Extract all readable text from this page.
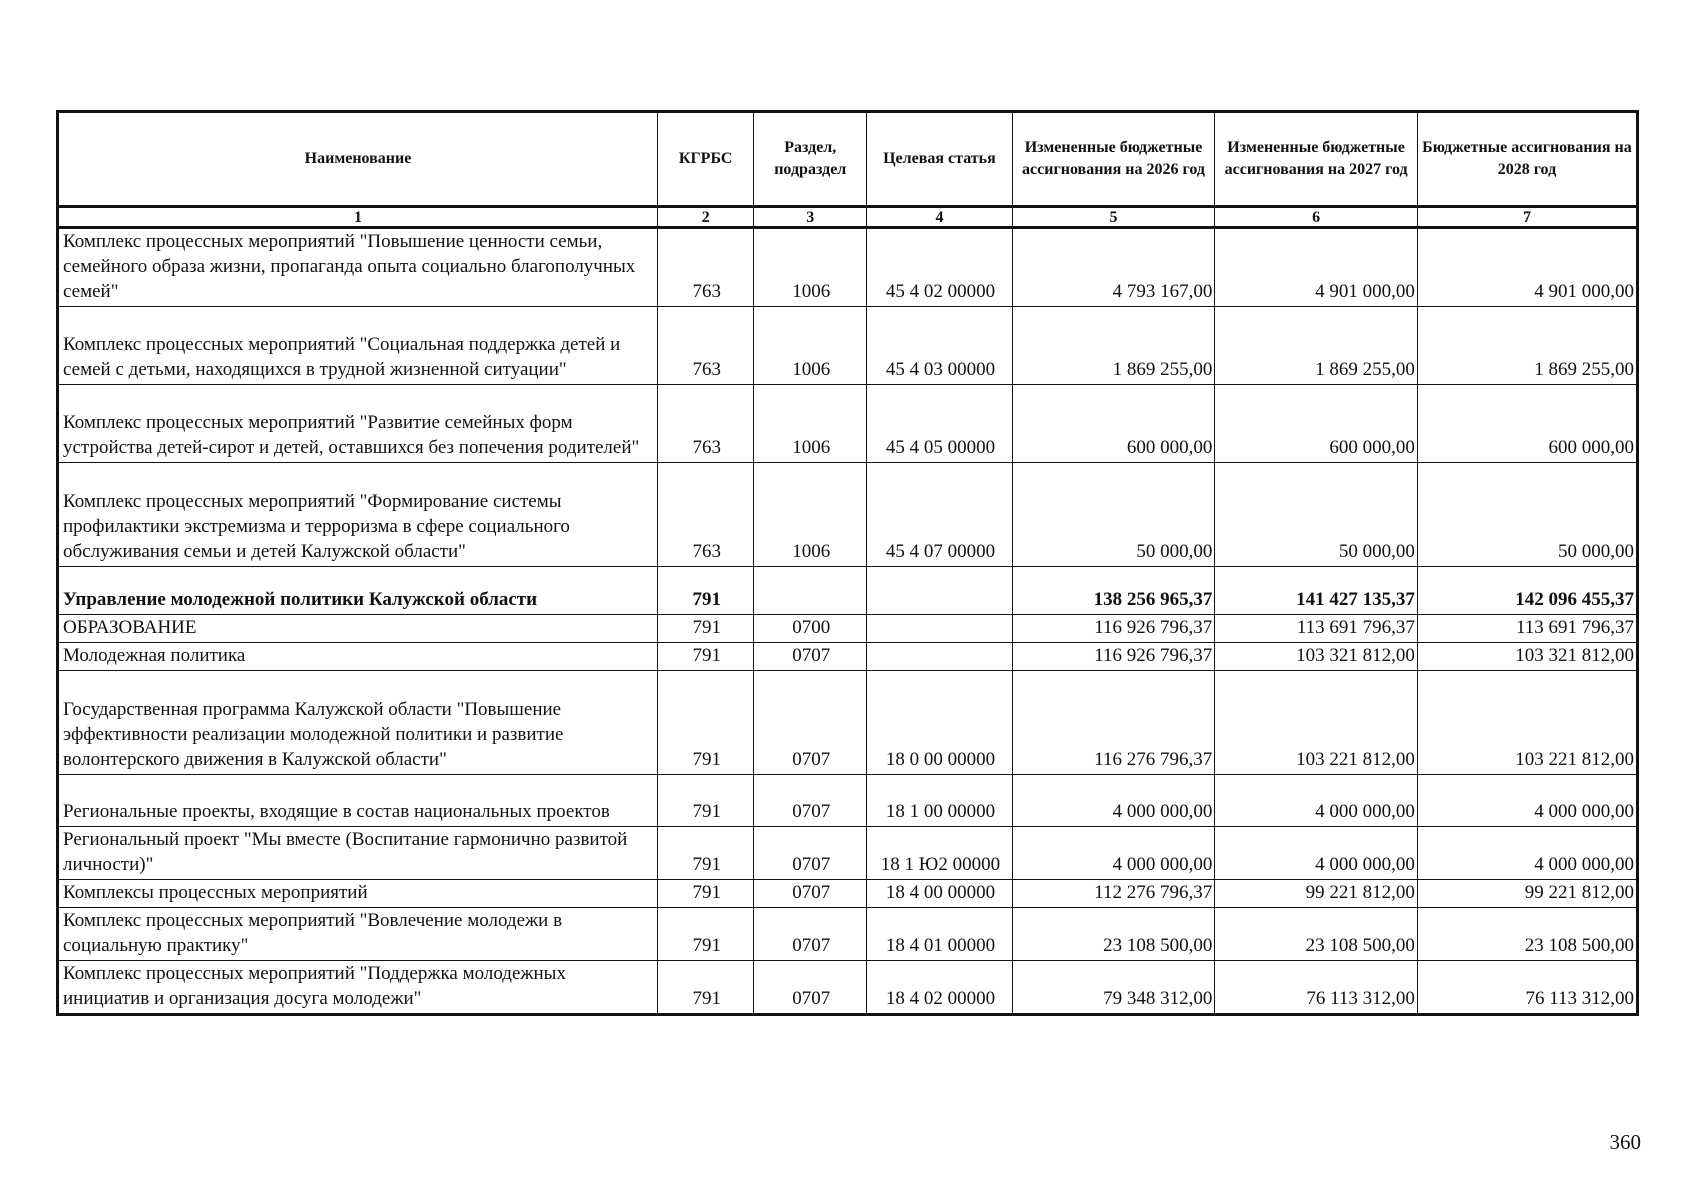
Наименование	КГРБС	Раздел, подраздел	Целевая статья	Измененные бюджетные ассигнования на 2026 год	Измененные бюджетные ассигнования на 2027 год	Бюджетные ассигнования на 2028 год
1	2	3	4	5	6	7
Комплекс процессных мероприятий "Повышение ценности семьи, семейного образа жизни, пропаганда опыта социально благополучных семей"	763	1006	45 4 02 00000	4 793 167,00	4 901 000,00	4 901 000,00
Комплекс процессных мероприятий "Социальная поддержка детей и семей с детьми, находящихся в трудной жизненной ситуации"	763	1006	45 4 03 00000	1 869 255,00	1 869 255,00	1 869 255,00
Комплекс процессных мероприятий "Развитие семейных форм устройства детей-сирот и детей, оставшихся без попечения родителей"	763	1006	45 4 05 00000	600 000,00	600 000,00	600 000,00
Комплекс процессных мероприятий "Формирование системы профилактики экстремизма и терроризма в сфере социального обслуживания семьи и детей Калужской области"	763	1006	45 4 07 00000	50 000,00	50 000,00	50 000,00
Управление молодежной политики Калужской области	791			138 256 965,37	141 427 135,37	142 096 455,37
ОБРАЗОВАНИЕ	791	0700		116 926 796,37	113 691 796,37	113 691 796,37
Молодежная политика	791	0707		116 926 796,37	103 321 812,00	103 321 812,00
Государственная программа Калужской области "Повышение эффективности реализации молодежной политики и развитие волонтерского движения в Калужской области"	791	0707	18 0 00 00000	116 276 796,37	103 221 812,00	103 221 812,00
Региональные проекты, входящие в состав национальных проектов	791	0707	18 1 00 00000	4 000 000,00	4 000 000,00	4 000 000,00
Региональный проект "Мы вместе (Воспитание гармонично развитой личности)"	791	0707	18 1 Ю2 00000	4 000 000,00	4 000 000,00	4 000 000,00
Комплексы процессных мероприятий	791	0707	18 4 00 00000	112 276 796,37	99 221 812,00	99 221 812,00
Комплекс процессных мероприятий "Вовлечение молодежи в социальную практику"	791	0707	18 4 01 00000	23 108 500,00	23 108 500,00	23 108 500,00
Комплекс процессных мероприятий "Поддержка молодежных инициатив и организация досуга молодежи"	791	0707	18 4 02 00000	79 348 312,00	76 113 312,00	76 113 312,00
360
